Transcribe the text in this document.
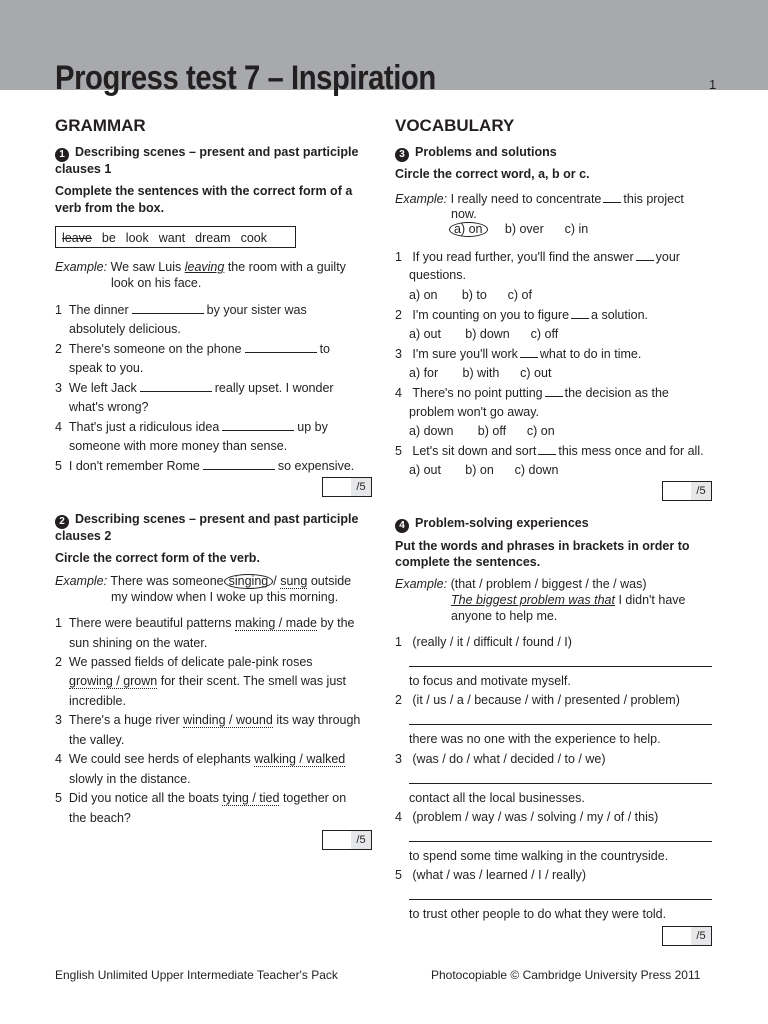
Progress test 7 – Inspiration	1
GRAMMAR
1 Describing scenes – present and past participle
clauses 1
Complete the sentences with the correct form of a
verb from the box.
leave be look want dream cook
Example: We saw Luis leaving the room with a guilty
look on his face.
1 The dinner	by your sister was
absolutely delicious.
2 There's someone on the phone	to
speak to you.
3 We left Jack	really upset. I wonder
what's wrong?
4 That's just a ridiculous idea	up by
someone with more money than sense.
5 I don't remember Rome	so expensive.
/5
2 Describing scenes – present and past participle
clauses 2
Circle the correct form of the verb.
Example: There was someone singing / sung outside
my window when I woke up this morning.
1 There were beautiful patterns making / made by the
sun shining on the water.
2 We passed fields of delicate pale-pink roses
growing / grown for their scent. The smell was just
incredible.
3 There's a huge river winding / wound its way through
the valley.
4 We could see herds of elephants walking / walked
slowly in the distance.
5 Did you notice all the boats tying / tied together on
the beach?
/5
VOCABULARY
3 Problems and solutions
Circle the correct word, a, b or c.
Example: I really need to concentrate this project
now.
a) on b) over c) in
1 If you read further, you'll find the answer your
questions.
a) on b) to c) of
2 I'm counting on you to figure a solution.
a) out b) down c) off
3 I'm sure you'll work what to do in time.
a) for b) with c) out
4 There's no point putting the decision as the
problem won't go away.
a) down b) off c) on
5 Let's sit down and sort this mess once and for all.
a) out b) on c) down
/5
4 Problem-solving experiences
Put the words and phrases in brackets in order to
complete the sentences.
Example: (that / problem / biggest / the / was)
The biggest problem was that I didn't have
anyone to help me.
1 (really / it / difficult / found / I)
to focus and motivate myself.
2 (it / us / a / because / with / presented / problem)
there was no one with the experience to help.
3 (was / do / what / decided / to / we)
contact all the local businesses.
4 (problem / way / was / solving / my / of / this)
to spend some time walking in the countryside.
5 (what / was / learned / I / really)
to trust other people to do what they were told.
/5
English Unlimited Upper Intermediate Teacher's Pack	Photocopiable © Cambridge University Press 2011
